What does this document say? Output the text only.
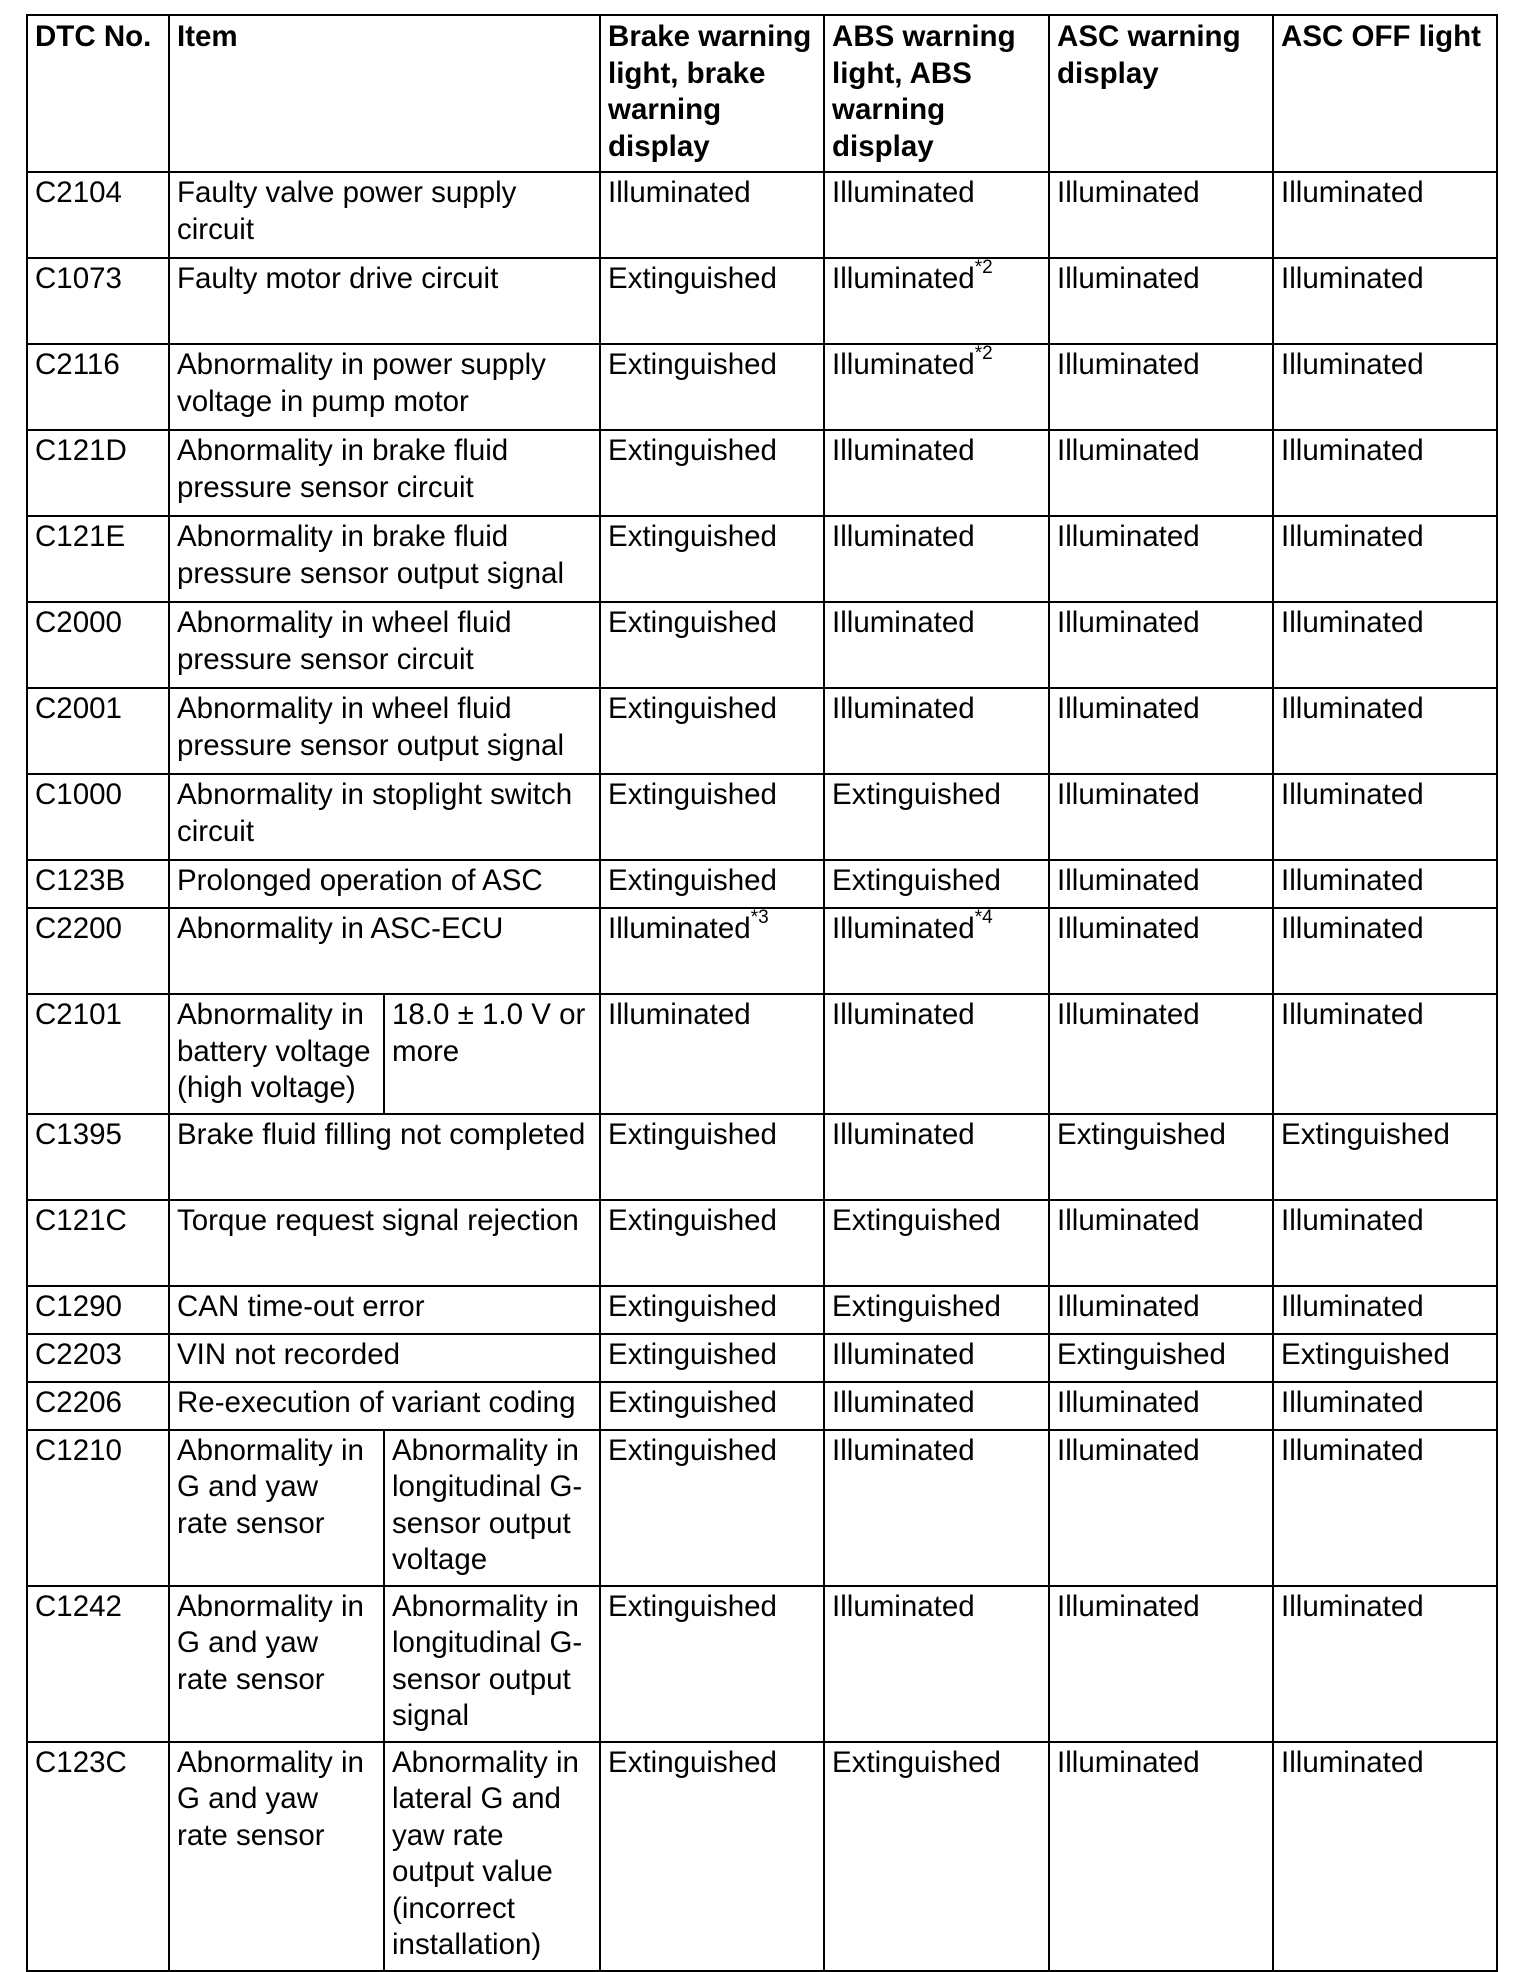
DTC No.	Item		Brake warning light, brake warning display	ABS warning light, ABS warning display	ASC warning display	ASC OFF light
C2104	Faulty valve power supply circuit		Illuminated	Illuminated	Illuminated	Illuminated
C1073	Faulty motor drive circuit		Extinguished	Illuminated$^{*2}$	Illuminated	Illuminated
C2116	Abnormality in power supply voltage in pump motor		Extinguished	Illuminated$^{*2}$	Illuminated	Illuminated
C121D	Abnormality in brake fluid pressure sensor circuit		Extinguished	Illuminated	Illuminated	Illuminated
C121E	Abnormality in brake fluid pressure sensor output signal		Extinguished	Illuminated	Illuminated	Illuminated
C2000	Abnormality in wheel fluid pressure sensor circuit		Extinguished	Illuminated	Illuminated	Illuminated
C2001	Abnormality in wheel fluid pressure sensor output signal		Extinguished	Illuminated	Illuminated	Illuminated
C1000	Abnormality in stoplight switch circuit		Extinguished	Extinguished	Illuminated	Illuminated
C123B	Prolonged operation of ASC		Extinguished	Extinguished	Illuminated	Illuminated
C2200	Abnormality in ASC-ECU		Illuminated$^{*3}$	Illuminated$^{*4}$	Illuminated	Illuminated
C2101	Abnormality in battery voltage (high voltage)	18.0 ± 1.0 V or more	Illuminated	Illuminated	Illuminated	Illuminated
C1395	Brake fluid filling not completed		Extinguished	Illuminated	Extinguished	Extinguished
C121C	Torque request signal rejection		Extinguished	Extinguished	Illuminated	Illuminated
C1290	CAN time-out error		Extinguished	Extinguished	Illuminated	Illuminated
C2203	VIN not recorded		Extinguished	Illuminated	Extinguished	Extinguished
C2206	Re-execution of variant coding		Extinguished	Illuminated	Illuminated	Illuminated
C1210	Abnormality in G and yaw rate sensor	Abnormality in longitudinal G-sensor output voltage	Extinguished	Illuminated	Illuminated	Illuminated
C1242	Abnormality in G and yaw rate sensor	Abnormality in longitudinal G-sensor output signal	Extinguished	Illuminated	Illuminated	Illuminated
C123C	Abnormality in G and yaw rate sensor	Abnormality in lateral G and yaw rate output value (incorrect installation)	Extinguished	Extinguished	Illuminated	Illuminated
